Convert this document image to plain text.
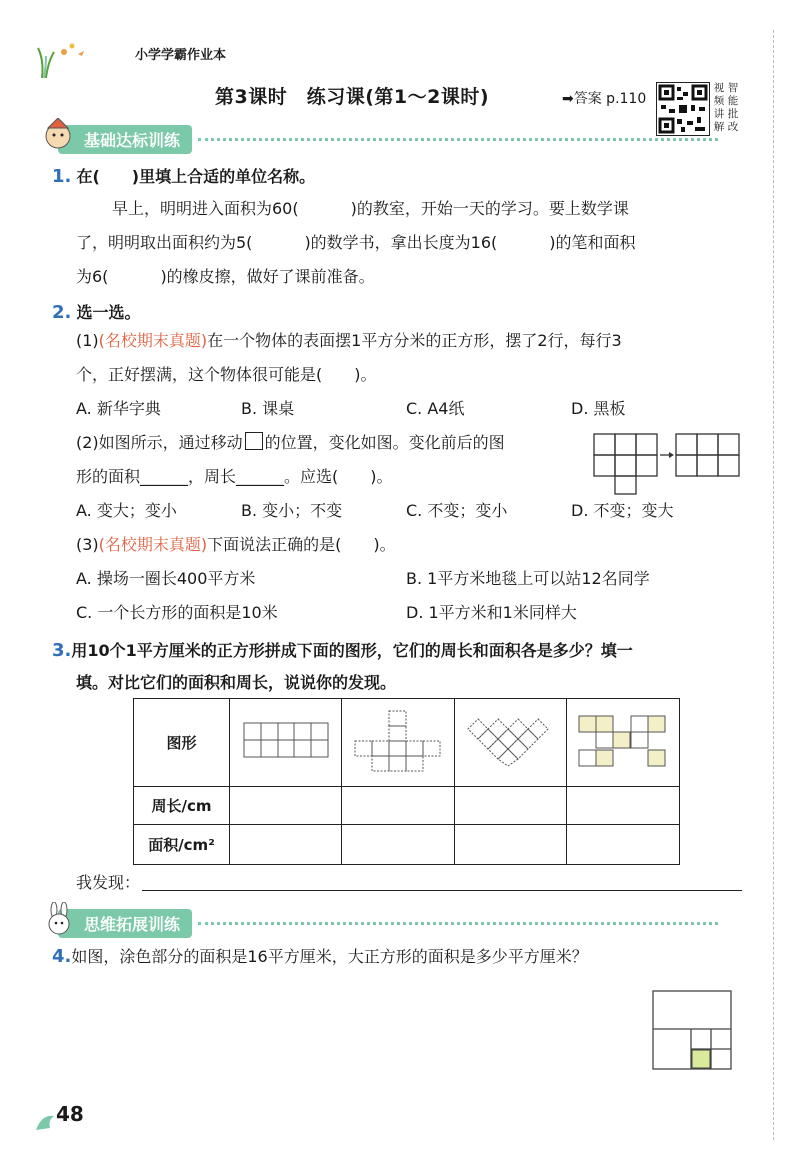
小学学霸作业本
第3课时　练习课(第1～2课时)	➡答案 p.110
视 智
频 能
讲 批
解 改
基础达标训练
1. 在(　　)里填上合适的单位名称。
早上，明明进入面积为60(	)的教室，开始一天的学习。要上数学课
了，明明取出面积约为5(	)的数学书，拿出长度为16(	)的笔和面积
为6(	)的橡皮擦，做好了课前准备。
2. 选一选。
(1)(名校期末真题)在一个物体的表面摆1平方分米的正方形，摆了2行，每行3
个，正好摆满，这个物体很可能是(　　)。
A. 新华字典	B. 课桌	C. A4纸	D. 黑板
(2)如图所示，通过移动 的位置，变化如图。变化前后的图
形的面积______，周长______。应选(　　)。
A. 变大；变小	B. 变小；不变	C. 不变；变小	D. 不变；变大
(3)(名校期末真题)下面说法正确的是(　　)。
A. 操场一圈长400平方米	B. 1平方米地毯上可以站12名同学
C. 一个长方形的面积是10米	D. 1平方米和1米同样大
3.用10个1平方厘米的正方形拼成下面的图形，它们的周长和面积各是多少？填一
填。对比它们的面积和周长，说说你的发现。
图形				
周长/cm				
面积/cm²				
我发现：
思维拓展训练
4.如图，涂色部分的面积是16平方厘米，大正方形的面积是多少平方厘米？
48
